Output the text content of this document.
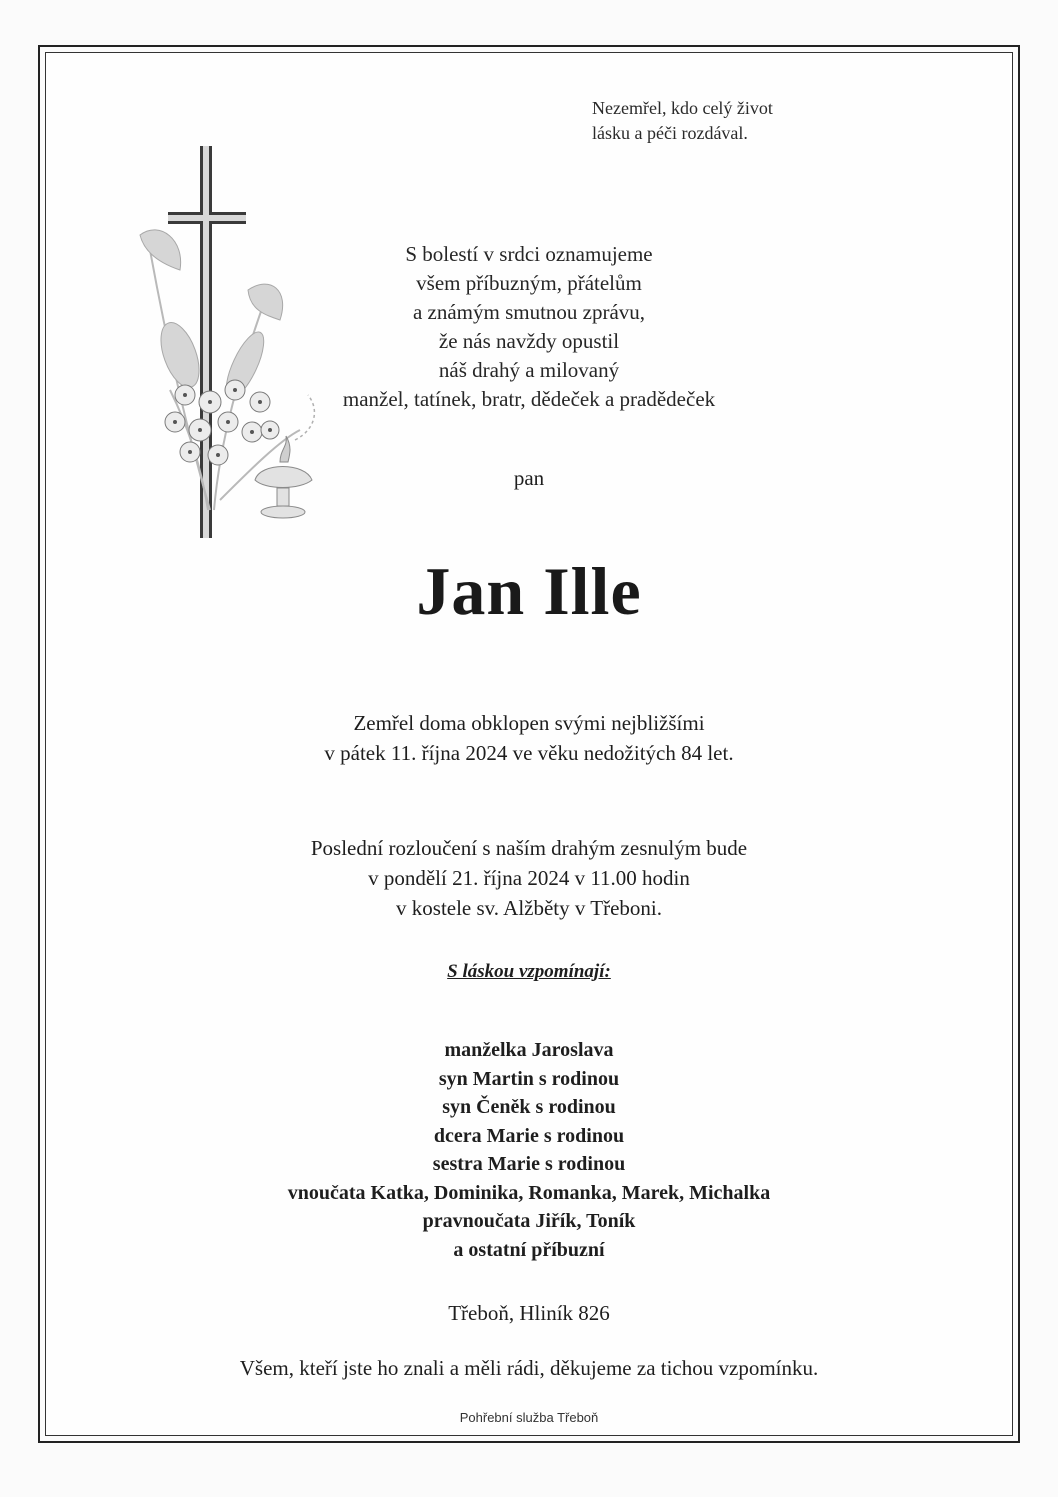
Nezemřel, kdo celý život
lásku a péči rozdával.
S bolestí v srdci oznamujeme
všem příbuzným, přátelům
a známým smutnou zprávu,
že nás navždy opustil
náš drahý a milovaný
manžel, tatínek, bratr, dědeček a pradědeček
pan
Jan Ille
Zemřel doma obklopen svými nejbližšími
v pátek 11. října 2024 ve věku nedožitých 84 let.
Poslední rozloučení s naším drahým zesnulým bude
v pondělí 21. října 2024 v 11.00 hodin
v kostele sv. Alžběty v Třeboni.
S láskou vzpomínají:
manželka Jaroslava
syn Martin s rodinou
syn Čeněk s rodinou
dcera Marie s rodinou
sestra Marie s rodinou
vnoučata Katka, Dominika, Romanka, Marek, Michalka
pravnoučata Jiřík, Toník
a ostatní příbuzní
Třeboň, Hliník 826
Všem, kteří jste ho znali a měli rádi, děkujeme za tichou vzpomínku.
Pohřební služba Třeboň
